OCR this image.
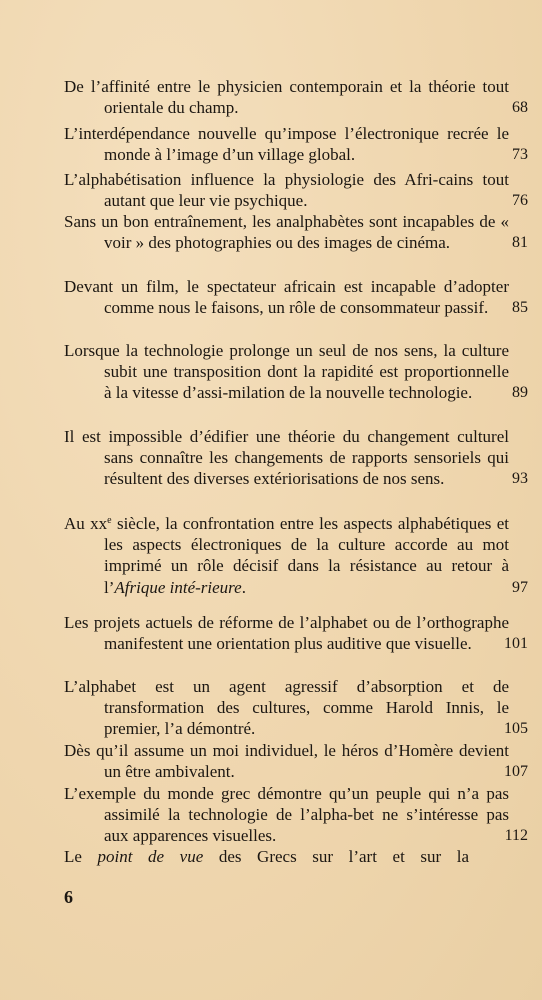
De l’affinité entre le physicien contemporain et la théorie tout orientale du champ.	68
L’interdépendance nouvelle qu’impose l’électronique recrée le monde à l’image d’un village global.	73
L’alphabétisation influence la physiologie des Afri-cains tout autant que leur vie psychique.	76
Sans un bon entraînement, les analphabètes sont incapables de « voir » des photographies ou des images de cinéma.	81
Devant un film, le spectateur africain est incapable d’adopter comme nous le faisons, un rôle de consommateur passif.	85
Lorsque la technologie prolonge un seul de nos sens, la culture subit une transposition dont la rapidité est proportionnelle à la vitesse d’assi-milation de la nouvelle technologie.	89
Il est impossible d’édifier une théorie du changement culturel sans connaître les changements de rapports sensoriels qui résultent des diverses extériorisations de nos sens.	93
Au $xx^e$ siècle, la confrontation entre les aspects alphabétiques et les aspects électroniques de la culture accorde au mot imprimé un rôle décisif dans la résistance au retour à l’Afrique inté-rieure.	97
Les projets actuels de réforme de l’alphabet ou de l’orthographe manifestent une orientation plus auditive que visuelle.	101
L’alphabet est un agent agressif d’absorption et de transformation des cultures, comme Harold Innis, le premier, l’a démontré.	105
Dès qu’il assume un moi individuel, le héros d’Homère devient un être ambivalent.	107
L’exemple du monde grec démontre qu’un peuple qui n’a pas assimilé la technologie de l’alpha-bet ne s’intéresse pas aux apparences visuelles.	112
Le point de vue des Grecs sur l’art et sur la
6
